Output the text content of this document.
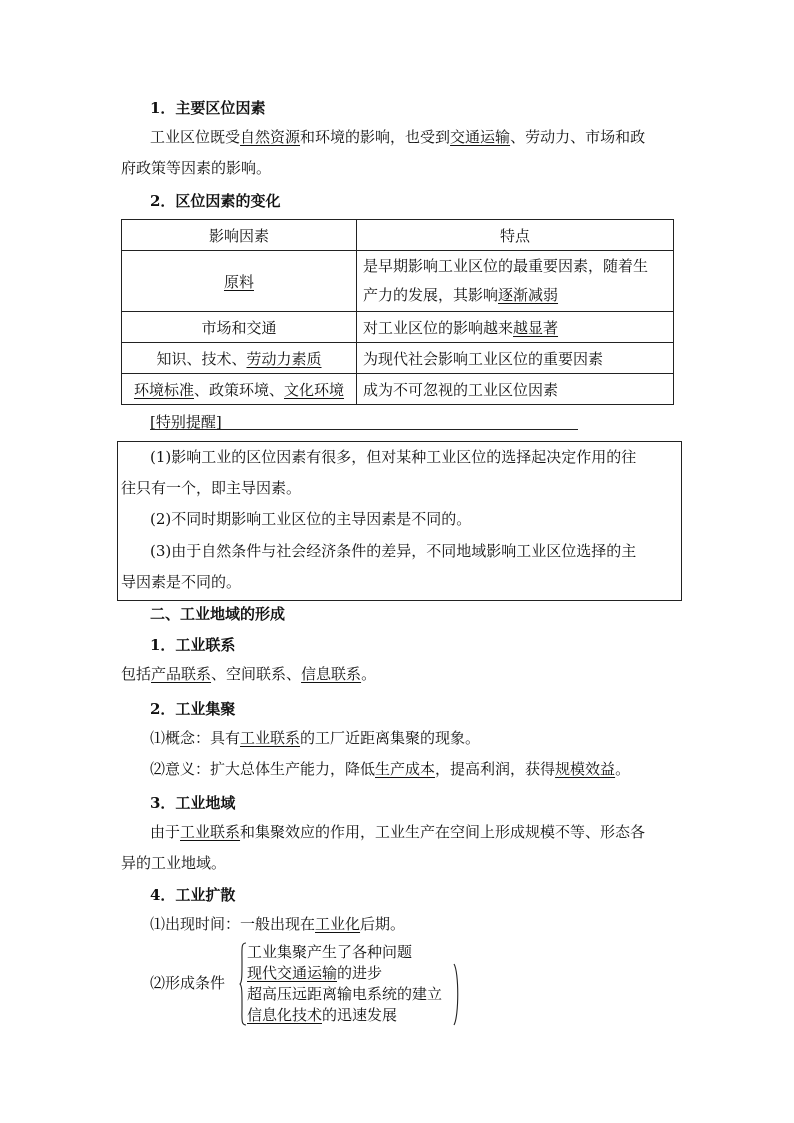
1．主要区位因素
工业区位既受自然资源和环境的影响，也受到交通运输、劳动力、市场和政
府政策等因素的影响。
2．区位因素的变化
影响因素	特点
原料	是早期影响工业区位的最重要因素，随着生
产力的发展，其影响逐渐减弱
市场和交通	对工业区位的影响越来越显著
知识、技术、劳动力素质	为现代社会影响工业区位的重要因素
环境标准、政策环境、文化环境	成为不可忽视的工业区位因素
[特别提醒]
(1)影响工业的区位因素有很多，但对某种工业区位的选择起决定作用的往
往只有一个，即主导因素。
(2)不同时期影响工业区位的主导因素是不同的。
(3)由于自然条件与社会经济条件的差异，不同地域影响工业区位选择的主
导因素是不同的。
二、工业地域的形成
1．工业联系
包括产品联系、空间联系、信息联系。
2．工业集聚
⑴概念：具有工业联系的工厂近距离集聚的现象。
⑵意义：扩大总体生产能力，降低生产成本，提高利润，获得规模效益。
3．工业地域
由于工业联系和集聚效应的作用，工业生产在空间上形成规模不等、形态各
异的工业地域。
4．工业扩散
⑴出现时间：一般出现在工业化后期。
⑵形成条件
工业集聚产生了各种问题
现代交通运输的进步
超高压远距离输电系统的建立
信息化技术的迅速发展
